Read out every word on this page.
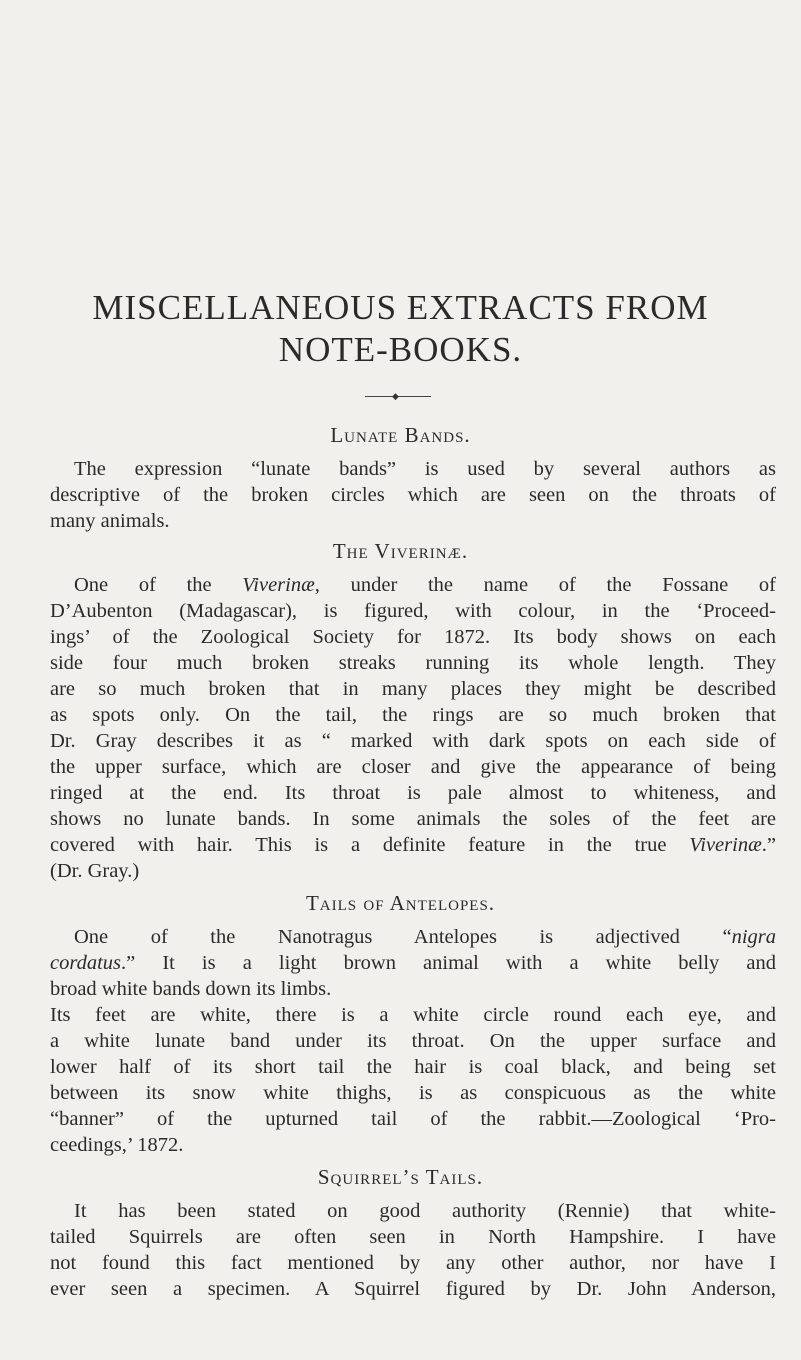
MISCELLANEOUS EXTRACTS FROM
NOTE-BOOKS.
◆
Lunate Bands.
The expression “lunate bands” is used by several authors as
descriptive of the broken circles which are seen on the throats of
many animals.
The Viverinæ.
One of the Viverinæ, under the name of the Fossane of
D’Aubenton (Madagascar), is figured, with colour, in the ‘Proceed-
ings’ of the Zoological Society for 1872. Its body shows on each
side four much broken streaks running its whole length. They
are so much broken that in many places they might be described
as spots only. On the tail, the rings are so much broken that
Dr. Gray describes it as “ marked with dark spots on each side of
the upper surface, which are closer and give the appearance of being
ringed at the end. Its throat is pale almost to whiteness, and
shows no lunate bands. In some animals the soles of the feet are
covered with hair. This is a definite feature in the true Viverinæ.”
(Dr. Gray.)
Tails of Antelopes.
One of the Nanotragus Antelopes is adjectived “nigra
cordatus.” It is a light brown animal with a white belly and
broad white bands down its limbs.
Its feet are white, there is a white circle round each eye, and
a white lunate band under its throat. On the upper surface and
lower half of its short tail the hair is coal black, and being set
between its snow white thighs, is as conspicuous as the white
“banner” of the upturned tail of the rabbit.—Zoological ‘Pro-
ceedings,’ 1872.
Squirrel’s Tails.
It has been stated on good authority (Rennie) that white-
tailed Squirrels are often seen in North Hampshire. I have
not found this fact mentioned by any other author, nor have I
ever seen a specimen. A Squirrel figured by Dr. John Anderson,
